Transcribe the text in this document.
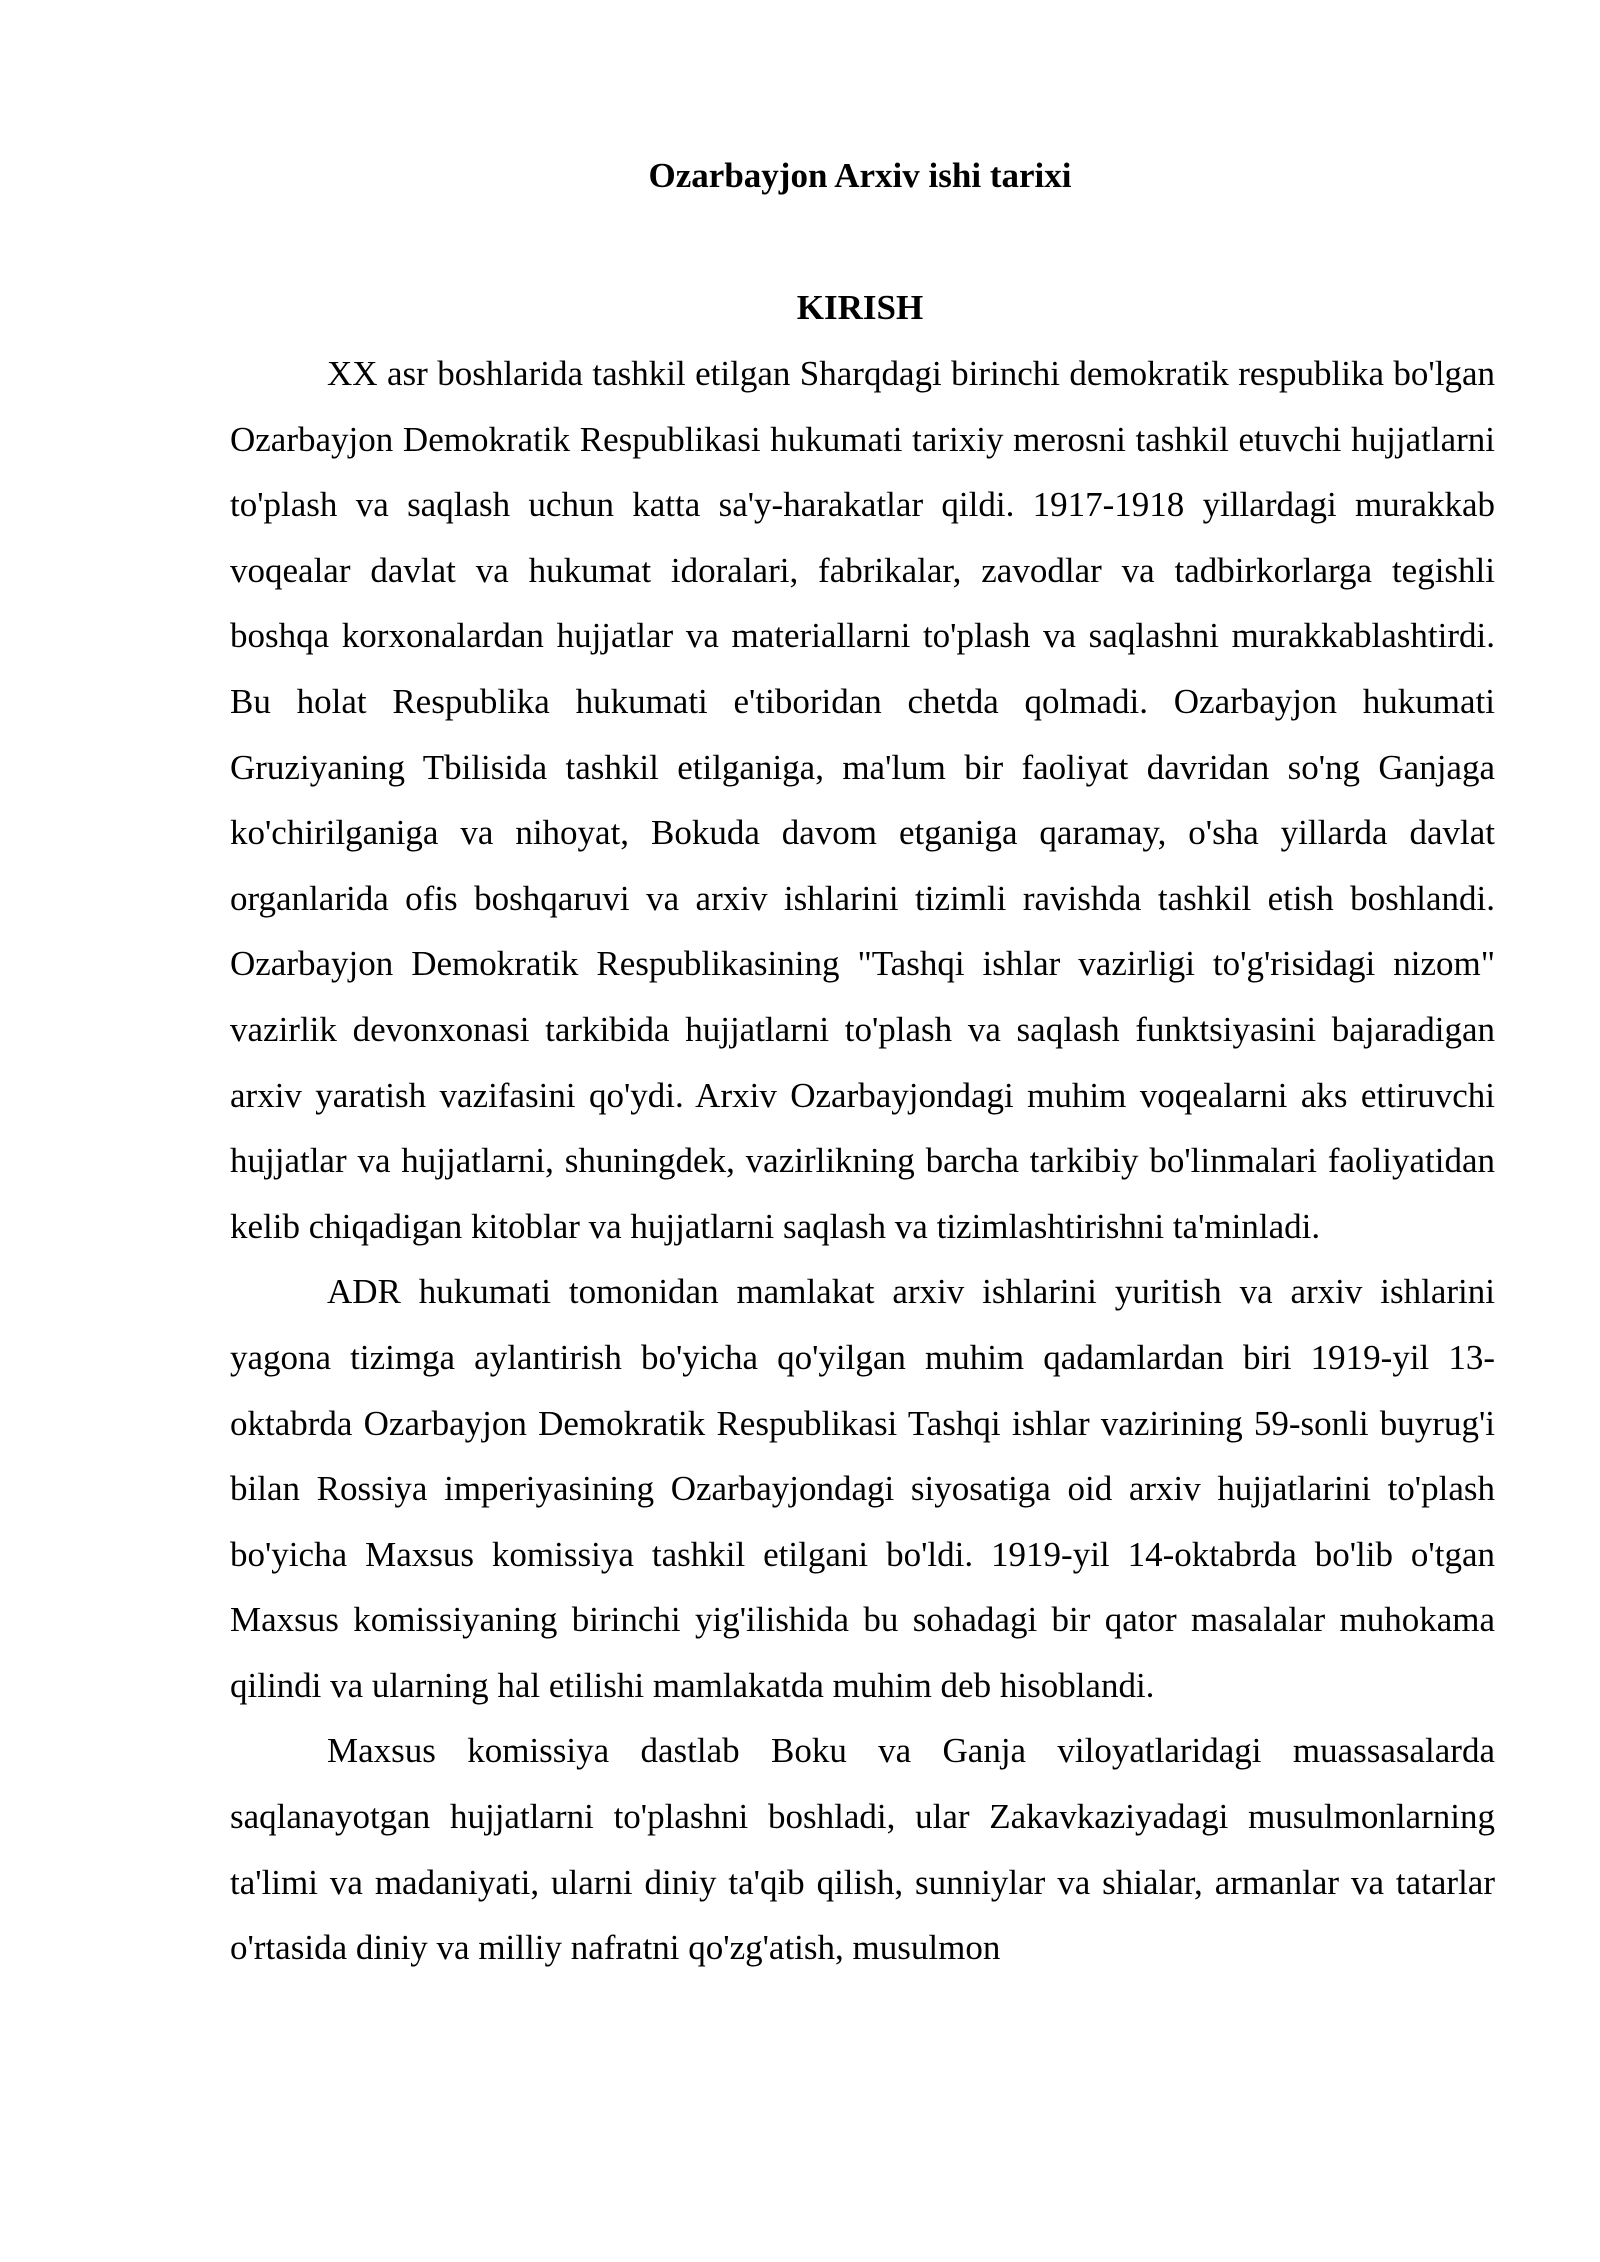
Ozarbayjon Arxiv ishi tarixi
KIRISH

XX asr boshlarida tashkil etilgan Sharqdagi birinchi demokratik respublika bo'lgan Ozarbayjon Demokratik Respublikasi hukumati tarixiy merosni tashkil etuvchi hujjatlarni to'plash va saqlash uchun katta sa'y-harakatlar qildi. 1917-1918 yillardagi murakkab voqealar davlat va hukumat idoralari, fabrikalar, zavodlar va tadbirkorlarga tegishli boshqa korxonalardan hujjatlar va materiallarni to'plash va saqlashni murakkablashtirdi. Bu holat Respublika hukumati e'tiboridan chetda qolmadi. Ozarbayjon hukumati Gruziyaning Tbilisida tashkil etilganiga, ma'lum bir faoliyat davridan so'ng Ganjaga ko'chirilganiga va nihoyat, Bokuda davom etganiga qaramay, o'sha yillarda davlat organlarida ofis boshqaruvi va arxiv ishlarini tizimli ravishda tashkil etish boshlandi. Ozarbayjon Demokratik Respublikasining "Tashqi ishlar vazirligi to'g'risidagi nizom" vazirlik devonxonasi tarkibida hujjatlarni to'plash va saqlash funktsiyasini bajaradigan arxiv yaratish vazifasini qo'ydi. Arxiv Ozarbayjondagi muhim voqealarni aks ettiruvchi hujjatlar va hujjatlarni, shuningdek, vazirlikning barcha tarkibiy bo'linmalari faoliyatidan kelib chiqadigan kitoblar va hujjatlarni saqlash va tizimlashtirishni ta'minladi.

ADR hukumati tomonidan mamlakat arxiv ishlarini yuritish va arxiv ishlarini yagona tizimga aylantirish bo'yicha qo'yilgan muhim qadamlardan biri 1919-yil 13-oktabrda Ozarbayjon Demokratik Respublikasi Tashqi ishlar vazirining 59-sonli buyrug'i bilan Rossiya imperiyasining Ozarbayjondagi siyosatiga oid arxiv hujjatlarini to'plash bo'yicha Maxsus komissiya tashkil etilgani bo'ldi. 1919-yil 14-oktabrda bo'lib o'tgan Maxsus komissiyaning birinchi yig'ilishida bu sohadagi bir qator masalalar muhokama qilindi va ularning hal etilishi mamlakatda muhim deb hisoblandi.

Maxsus komissiya dastlab Boku va Ganja viloyatlaridagi muassasalarda saqlanayotgan hujjatlarni to'plashni boshladi, ular Zakavkaziyadagi musulmonlarning ta'limi va madaniyati, ularni diniy ta'qib qilish, sunniylar va shialar, armanlar va tatarlar o'rtasida diniy va milliy nafratni qo'zg'atish, musulmon
